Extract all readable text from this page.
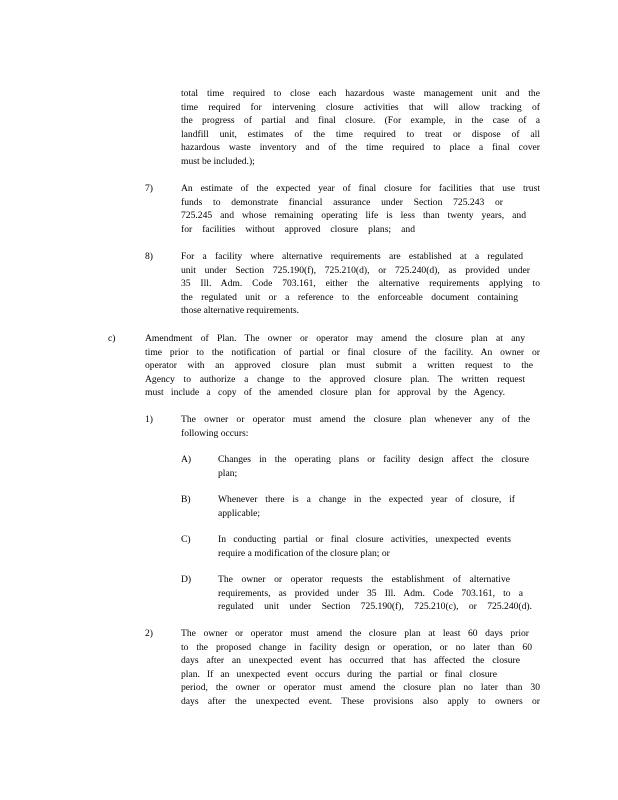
total time required to close each hazardous waste management unit and the
time required for intervening closure activities that will allow tracking of
the progress of partial and final closure. (For example, in the case of a
landfill unit, estimates of the time required to treat or dispose of all
hazardous waste inventory and of the time required to place a final cover
must be included.);
7)	An estimate of the expected year of final closure for facilities that use trust
funds to demonstrate financial assurance under Section 725.243 or
725.245 and whose remaining operating life is less than twenty years, and
for facilities without approved closure plans; and
8)	For a facility where alternative requirements are established at a regulated
unit under Section 725.190(f), 725.210(d), or 725.240(d), as provided under
35 Ill. Adm. Code 703.161, either the alternative requirements applying to
the regulated unit or a reference to the enforceable document containing
those alternative requirements.
c)	Amendment of Plan. The owner or operator may amend the closure plan at any
time prior to the notification of partial or final closure of the facility. An owner or
operator with an approved closure plan must submit a written request to the
Agency to authorize a change to the approved closure plan. The written request
must include a copy of the amended closure plan for approval by the Agency.
1)	The owner or operator must amend the closure plan whenever any of the
following occurs:
A)	Changes in the operating plans or facility design affect the closure
plan;
B)	Whenever there is a change in the expected year of closure, if
applicable;
C)	In conducting partial or final closure activities, unexpected events
require a modification of the closure plan; or
D)	The owner or operator requests the establishment of alternative
requirements, as provided under 35 Ill. Adm. Code 703.161, to a
regulated unit under Section 725.190(f), 725.210(c), or 725.240(d).
2)	The owner or operator must amend the closure plan at least 60 days prior
to the proposed change in facility design or operation, or no later than 60
days after an unexpected event has occurred that has affected the closure
plan. If an unexpected event occurs during the partial or final closure
period, the owner or operator must amend the closure plan no later than 30
days after the unexpected event. These provisions also apply to owners or
